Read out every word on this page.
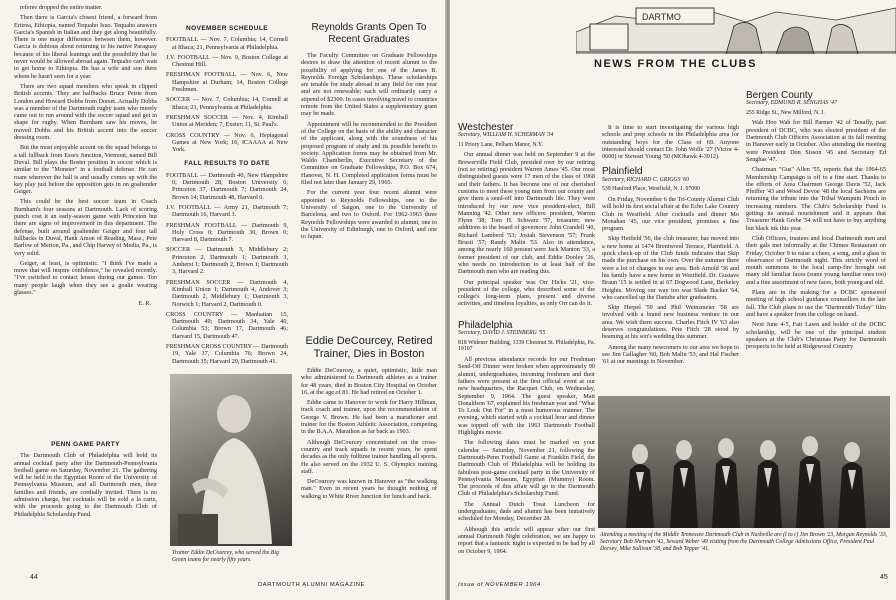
referee dropped the entire matter.

Then there is Garcia's closest friend, a forward from Eritrea, Ethiopia, named Tequaho Isuo. Tequaho answers Garcia's Spanish in Italian and they get along beautifully. There is one major difference between them, however. Garcia is dubious about returning to his native Paraguay because of his liberal leanings and the possibility that he never would be allowed abroad again. Tequaho can't wait to get home to Ethiopia. He has a wife and son there whom he hasn't seen for a year.

There are two squad members who speak in clipped British accents. They are halfbacks Bruce Petrie from London and Howard Dobbs from Dorset. Actually Dobbs was a member of the Dartmouth rugby team who merely came out to run around with the soccer squad and get in shape for rugby. When Burnham saw his moves, he moved Dobbs and his British accent into the soccer dressing room.

But the most enjoyable accent on the squad belongs to a tall fullback from Essex Junction, Vermont, named Bill Duval. Bill plays the Boster position in soccer which is similar to the "Monster" in a football defense. He can roam wherever the ball is and usually comes up with the key play just before the opposition gets in on goaltender Geiger.

This could be the best soccer team in Coach Burnham's four seasons at Dartmouth. Lack of scoring punch cost it an early-season game with Princeton but there are signs of improvement in this department. The defense, built around goaltender Geiger and four tall fullbacks in Duval, Hank Amon of Reading, Mass., Pete Barlow of Merion, Pa., and Chip Harvey of Media, Pa., is very solid.

Geiger, at least, is optimistic. "I think I've made a move that will inspire confidence," he revealed recently. "I've switched to contact lenses during our games. Too many people laugh when they see a goalie wearing glasses."

E. R.
PENN GAME PARTY

The Dartmouth Club of Philadelphia will hold its annual cocktail party after the Dartmouth-Pennsylvania football game on Saturday, November 21. The gathering will be held in the Egyptian Room of the University of Pennsylvania Museum, and all Dartmouth men, their families and friends, are cordially invited. There is no admission charge, but cocktails will be sold a la carte, with the proceeds going to the Dartmouth Club of Philadelphia Scholarship Fund.

NOVEMBER SCHEDULE

FOOTBALL — Nov. 7, Columbia; 14, Cornell at Ithaca; 21, Pennsylvania at Philadelphia.

J.V. FOOTBALL — Nov. 9, Boston College at Chestnut Hill.

FRESHMAN FOOTBALL — Nov. 6, New Hampshire at Durham; 14, Boston College Freshmen.

SOCCER — Nov. 7, Columbia; 14, Cornell at Ithaca; 21, Pennsylvania at Philadelphia.

FRESHMAN SOCCER — Nov. 4, Kimball Union at Meriden; 7, Exeter; 11, St. Paul's.

CROSS COUNTRY — Nov. 6, Heptagonal Games at New York; 16, ICAAAA at New York.

FALL RESULTS TO DATE

FOOTBALL — Dartmouth 40, New Hampshire 0; Dartmouth 28, Boston University 6; Princeton 37, Dartmouth 7; Dartmouth 24, Brown 14; Dartmouth 48, Harvard 0.

J.V. FOOTBALL — Army 21, Dartmouth 7; Dartmouth 16, Harvard 3.

FRESHMAN FOOTBALL — Dartmouth 9, Holy Cross 0; Dartmouth 30, Brown 0; Harvard 8, Dartmouth 7.

SOCCER — Dartmouth 3, Middlebury 2; Princeton 2, Dartmouth 1; Dartmouth 3, Amherst 1; Dartmouth 2, Brown 1; Dartmouth 3, Harvard 2.

FRESHMAN SOCCER — Dartmouth 4, Kimball Union 1; Dartmouth 4, Andover 3; Dartmouth 2, Middlebury 1; Dartmouth 3, Norwich 1; Harvard 2, Dartmouth 0.

CROSS COUNTRY — Manhattan 15, Dartmouth 49; Dartmouth 34, Yale 40, Columbia 53; Brown 17, Dartmouth 46; Harvard 15, Dartmouth 47.

FRESHMAN CROSS COUNTRY — Dartmouth 19, Yale 37, Columbia 76; Brown 24, Dartmouth 35; Harvard 20, Dartmouth 41.

Reynolds Grants Open To Recent Graduates

The Faculty Committee on Graduate Fellowships desires to draw the attention of recent alumni to the possibility of applying for one of the James B. Reynolds Foreign Scholarships. These scholarships are tenable for study abroad in any field for one year and are not renewable; each will ordinarily carry a stipend of $2300. In cases involving travel to countries remote from the United States a supplementary grant may be made.

Appointment will be recommended to the President of the College on the basis of the ability and character of the applicant, along with the soundness of his proposed program of study and its possible benefit to society. Application forms may be obtained from Mr. Waldo Chamberlin, Executive Secretary of the Committee on Graduate Fellowships, P.O. Box 674, Hanover, N. H. Completed application forms must be filed not later than January 29, 1965.

For the current year four recent alumni were appointed to Reynolds Fellowships, one to the University of Saigon, one to the University of Barcelona, and two to Oxford. For 1962-1963 three Reynolds Fellowships were awarded to alumni, one to the University of Edinburgh, one to Oxford, and one to Japan.

Eddie DeCourcey, Retired Trainer, Dies in Boston

Eddie DeCourcey, a quiet, optimistic, little man who administered to Dartmouth athletes as a trainer for 48 years, died in Boston City Hospital on October 16, at the age of 81. He had retired on October 1.

Eddie came to Hanover to work for Harry Hillman, track coach and trainer, upon the recommendation of George V. Brown. He had been a marathoner and trainer for the Boston Athletic Association, competing in the B.A.A. Marathon as far back as 1903.

Although DeCourcey concentrated on the cross-country and track squads in recent years, he spent decades as the only fulltime trainer handling all sports. He also served on the 1932 U. S. Olympics training staff.

DeCourcey was known in Hanover as "the walking man." Even in recent years he thought nothing of walking to White River Junction for lunch and back.

Trainer Eddie DeCourcey, who served the Big Green teams for nearly fifty years.
44
DARTMOUTH ALUMNI MAGAZINE
DARTMO
NEWS FROM THE CLUBS
Westchester

Secretary, WILLIAM H. SCHERMAN '34

11 Priory Lane, Pelham Manor, N.Y.

Our annual dinner was held on September 9 at the Brewerville Field Club, presided over by our retiring (not so retiring) president Warren Ames '45. Our most distinguished guests were 17 men of the class of 1968 and their fathers. It has become one of our cherished customs to meet these young men from our county and give them a send-off into Dartmouth life. They were introduced by our new vice president-elect, Bill Manning '42. Other new officers: president, Warren Flynn '38; Tom H. Schwarz '57, treasurer; new additions to the board of governors: John Crandell '40, Richard Lamberd '53; Josiah Stevenson '57; Frank Brusti '57; Randy Malin '53. Also in attendance, among the nearly 160 present were Jack Manton '33, a former president of our club, and Eddie Dooley '26, who needs no introduction to at least half of the Dartmouth men who are reading this.

Our principal speaker was Orr Hicks '21, vice-president of the college, who described some of the college's long-term plans, present and diverse activities, and timeless loyalties, as only Orr can do it.

Philadelphia

Secretary, DAVID J. STEINBERG '55

818 Widener Building, 1339 Chestnut St. Philadelphia, Pa. 19107

All previous attendance records for our Freshman Send-Off Dinner were broken when approximately 90 alumni, undergraduates, incoming freshmen and their fathers were present at the first official event at our new headquarters, the Racquet Club, on Wednesday, September 9, 1964. The guest speaker, Matt Donaldson '67, explained his freshman year and "What To Look Out For" in a most humorous manner. The evening, which started with a cocktail hour and dinner was topped off with the 1963 Dartmouth Football Highlights movie.

The following dates must be marked on your calendar — Saturday, November 21, following the Dartmouth-Penn Football Game at Franklin Field, the Dartmouth Club of Philadelphia will be holding its fabulous post-game cocktail party in the University of Pennsylvania Museum, Egyptian (Mummy) Room. The proceeds of this affair will go to the Dartmouth Club of Philadelphia's Scholarship Fund.

The Annual Dutch Treat Luncheon for undergraduates, dads and alumni has been tentatively scheduled for Monday, December 28.

Although this article will appear after our first annual Dartmouth Night celebration, we are happy to report that a fantastic night is expected to be had by all on October 9, 1964.

It is time to start investigating the various high schools and prep schools in the Philadelphia area for outstanding boys for the Class of 69. Anyone interested should contact Dr. John Wolfe '27 (Victor 4-0600) or Stewart Young '50 (MOhawk 4-3912).

Plainfield

Secretary, RICHARD C. GRIGGS '60

539 Hanford Place, Westfield, N. J. 07090

On Friday, November 6 the Tri-County Alumni Club will hold its first social affair at the Echo Lake Country Club in Westfield. After cocktails and dinner Mo Monahan '45, our vice president, promises a fine program.

Skip Hetfield '56, the club treasurer, has moved into a new home at 1474 Brentwood Terrace, Plainfield. A quick check-up of the Club funds indicates that Skip made the purchase on his own. Over the summer there were a lot of changes in our area. Bob Arnold '36 and his family have a new home in Westfield. Dr. Gustave Braun '15 is settled in at 67 Dogwood Lane, Berkeley Heights. Moving our way too was Slade Backer '64, who cancelled up the Danube after graduation.

Skip Herpel '59 and Phil Weinsmeier '58 are involved with a brand new business venture in our area. We wish them success. Charles Fitch IV '63 also deserves congratulations. Pete Fitch '28 stood by beaming at his son's wedding this summer.

Among the many newcomers to our area we hope to see Jim Gallagher '60, Bob Malin '53, and Hal Fischer '61 at our meetings in November.

Bergen County

Secretary, EDMUND R. SENGHAS '47

255 Ridge St., New Milford, N. J.

Wah Hoo Wah for Bill Parmer '42 of Tenafly, past president of DCBC, who was elected president of the Dartmouth Club Officers Association at its fall meeting in Hanover early in October. Also attending the meeting were President Don Sisson '45 and Secretary Ed Senghas '47.

Chairman "Gus" Allen '55, reports that the 1964-65 Membership Campaign is off to a fine start. Thanks to the efforts of Area Chairmen George Davis '52, Jack Pfeiffer '43 and Wood Devoe '48 the local Sachems are returning the tribute into the Tribal Wampum Pouch in increasing numbers. The Club's Scholarship Fund is getting its annual nourishment and it appears that Treasurer Hank Grebe '54 will not have to buy anything but black ink this year.

Club Officers, trustees and local Dartmouth men and their gals met informally at the Chimes Restaurant on Friday, October 9 to raise a cheer, a song, and a glass in observance of Dartmouth night. This strictly word of mouth summons to the local camp-fire brought out many old familiar faces (some young familiar ones too) and a fine assortment of new faces, both young and old.

Plans are in the making for a DCBC sponsored meeting of high school guidance counsellors in the late fall. The Club plans to use the "Dartmouth Today" film and have a speaker from the college on hand.

Next June 4-5, Fair Lawn and holder of the DCBC scholarship, will be one of the principal student speakers at the Club's Christmas Party for Dartmouth prospects to be held at Ridgewood Country

Attending a meeting of the Middle Tennessee Dartmouth Club in Nashville are (l to r) Jim Brown '23, Morgan Reynolds '33, Secretary Bob Sherman '42, Seward Weber '49 visiting from the Dartmouth College Admissions Office, President Paul Dorsey, Mike Sullivan '38, and Bob Tepper '41.
45
Issue of NOVEMBER 1964
